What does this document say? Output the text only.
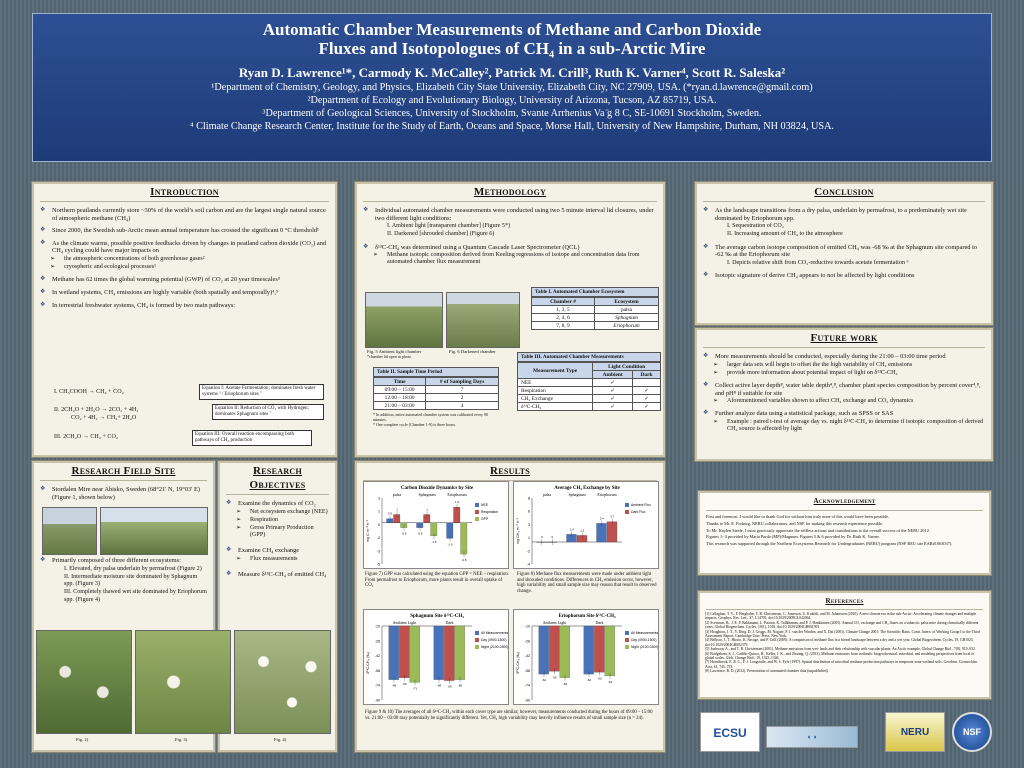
Automatic Chamber Measurements of Methane and Carbon Dioxide
Fluxes and Isotopologues of CH₄ in a sub-Arctic Mire
Ryan D. Lawrence¹*, Carmody K. McCalley², Patrick M. Crill³, Ruth K. Varner⁴, Scott R. Saleska²
¹Department of Chemistry, Geology, and Physics, Elizabeth City State University, Elizabeth City, NC 27909, USA. (*ryan.d.lawrence@gmail.com)
²Department of Ecology and Evolutionary Biology, University of Arizona, Tucson, AZ 85719, USA.
³Department of Geological Sciences, University of Stockholm, Svante Arrhenius Va ̈g 8 C, SE-10691 Stockholm, Sweden.
⁴ Climate Change Research Center, Institute for the Study of Earth, Oceans and Space, Morse Hall, University of New Hampshire, Durham, NH 03824, USA.
Introduction
❖ Northern peatlands currently store ~30% of the world’s soil carbon and are the largest single natural source of atmospheric methane (CH₄)
❖ Since 2000, the Swedish sub-Arctic mean annual temperature has crossed the significant 0 °C threshold¹
❖ As the climate warms, possible positive feedbacks driven by changes in peatland carbon dioxide (CO₂) and CH₄ cycling could have major impacts on
➢ the atmospheric concentrations of both greenhouse gases²
➢ cryospheric and ecological processes¹
❖ Methane has 62 times the global warming potential (GWP) of CO₂ at 20 year timescales³
❖ In wetland systems, CH₄ emissions are highly variable (both spatially and temporally)⁴,⁵
❖ In terrestrial freshwater systems, CH₄ is formed by two main pathways:
I. CH₃COOH → CH₄ + CO₂
II. 2CH₂O + 2H₂O → 2CO₂ + 4H₂
CO₂ + 4H₂ → CH₄+ 2H₂O
III. 2CH₂O → CH₄ + CO₂
Equation I: Acetate Fermentation; dominates fresh water systems ² / Eriophorum sites ⁷
Equation II: Reduction of CO₂ with Hydrogen; dominates Sphagnum sites ⁷
Equation III: Overall reaction encompassing both pathways of CH₄ production
Research Field Site
❖ Stordalen Mire near Abisko, Sweden (68°21' N, 19°03' E) (Figure 1, shown below)
❖ Primarily composed of three different ecosystems:
I. Elevated, dry palsa underlain by permafrost (Figure 2)
II. Intermediate moisture site dominated by Sphagnum spp. (Figure 3)
III. Completely thawed wet site dominated by Eriophorum spp. (Figure 4)
Research
Objectives
❖ Examine the dynamics of CO₂
➢ Net ecosystem exchange (NEE)
➢ Respiration
➢ Gross Primary Production (GPP)
❖ Examine CH₄ exchange
➢ Flux measurements
❖ Measure δ¹³C-CH₄ of emitted CH₄
Fig. 2)	Fig. 3)	Fig. 4)
Methodology
❖ Individual automated chamber measurements were conducted using two 5 minute interval lid closures, under two different light conditions:
I. Ambient light [transparent chamber] (Figure 5*)
II. Darkened [shrouded chamber] (Figure 6)
❖ δ¹³C-CH₄ was determined using a Quantum Cascade Laser Spectrometer (QCL)
➢ Methane isotopic composition derived from Keeling regressions of isotope and concentration data from automated chamber flux measurement
Fig. 5 Ambient light chamber
*chamber lid open in photo
Fig. 6 Darkened chamber
Table I. Automated Chamber Ecosystem
Chamber #	Ecosystem
1, 3, 5	palsa
2, 4, 6	Sphagnum
7, 8, 9	Eriophorum
Table II. Sample Time Period
Time	# of Sampling Days
09:00 – 15:00	7
12:00 – 18:00	2
21:00 – 03:00	4
* In addition, entire automated chamber system was calibrated every 90 minutes.
* One complete cycle (Chamber 1-9) is three hours.
Table III. Automated Chamber Measurements
Measurement Type	Light Condition	
	Ambient	Dark
NEE	✓	
Respiration	✓	✓
CH₄ Exchange	✓	✓
δ¹³C-CH₄	✓	✓
Results
Carbon Dioxide Dynamics by Site
-5
-3
-2
0
1
3
mg C m⁻² h⁻¹
palsa
0.5
1
-0.6
Sphagnum
-0.6
1
-1.6
Eriophorum
-1.9
1.9
-3.8
NEE
Respiration
GPP
Average CH₄ Exchange by Site
-4
-2
1
3
6
8
mg CH₄ m⁻² h⁻¹
palsa
0	0
Sphagnum
1.4 1.2
Eriophorum
3.4 3.7
Ambient Flux
Dark Flux
Figure 7) GPP was calculated using the equation GPP = NEE – respiration. From permafrost to Eriophorum, more plants result in overall uptake of CO₂
Figure 8) Methane flux measurements were made under ambient light and shrouded conditions. Differences in CH₄ emission occur, however, high variability and small sample size may reason that result in observed change.
Sphagnum Site δ¹³C-CH₄
-90
-74
-58
-42
-26
-10
δ¹³C-CH₄ (‰)
Ambient Light
-68 -66
-71
Dark
-68 -69 -68
All Measurements
Day (0900-1500)
Night (2100-0300)
Eriophorum Site δ¹³C-CH₄
-90
-74
-58
-42
-26
-10
δ¹³C-CH₄ (‰)
Ambient Light
-62
-59
-66
Dark
-62 -60
-64
All Measurements
Day (0900-1500)
Night (2100-0300)
Figure 9 & 10) The averages of all δ¹³C-CH₄ within each cover type are similar; however, measurements conducted during the hours of 09:00 – 15:00 vs. 21:00 – 03:00 may potentially be significantly different. Yet, CH₄ high variability may heavily influence results of small sample size (n = 24).
Conclusion
❖ As the landscape transitions from a dry palsa, underlain by permafrost, to a predominately wet site dominated by Eriophorum spp.
I. Sequestration of CO₂
II. Increasing amount of CH₄ to the atmosphere
❖ The average carbon isotope composition of emitted CH₄ was -68 ‰ at the Sphagnum site compared to -62 ‰ at the Eriophorum site
I. Depicts relative shift from CO₂-reductive towards acetate fermentation ⁶
❖ Isotopic signature of derive CH₄ appears to not be affected by light conditions
Future work
❖ More measurements should be conducted, especially during the 21:00 – 03:00 time period
➢ larger data sets will begin to offset the the high variability of CH₄ emissions
➢ provide more information about potential impact of light on δ¹³C-CH₄
❖ Collect active layer depth⁸, water table depth⁴,⁸, chamber plant species composition by percent cover⁴,⁸, and pH⁸ if suitable for site
➢ Aforementioned variables shown to affect CH₄ exchange and CO₂ dynamics
❖ Further analyze data using a statistical package, such as SPSS or SAS
➢ Example : paired t-test of average day vs. night δ¹³C-CH₄ to determine if isotopic composition of derived CH₄ source is affected by light
Acknowledgement
First and foremost, I would like to thank God for without him truly none of this would have been possible.
Thanks to Mr. E. Froburg, NERU collaborators, and NSF for making this research experience possible.
To Mr. Kaylen Steele, I most graciously appreciate the selfless actions and contributions to the overall success of the NERU 2012.
Figures 1- 4 provided by Maria Pardo (MP)/Magnum. Figures 5 & 6 provided by Dr. Ruth K. Varner.
This research was supported through the Northern Ecosystems Research for Undergraduates (NERU) program (NSF REU site EAR#1063037).
References
[1] Callaghan, T. V., F. Bergholm, T. R. Christensen, C. Jonasson, U. Kokfelt, and M. Johansson (2010). A new climate era in the sub-Arctic: Accelerating climate changes and multiple impacts. Geophys. Res. Lett., 37, L14705, doi:10.1029/2009GL042064.
[2] Svensson, B., J. E. P. Bakkmann, L. Patrion, K. Tallkhamm, and P. J. Hankkonen (2005). Annual CO₂ exchange and CH₄ fluxes on a subarctic palsa mire during climatically different years. Global Biogeochem. Cycles, 19(1), 1018, doi:10.1029/2004GB001991.
[3] Houghton, J. T., Y. Ding, D. J. Griggs, M. Noguer, P. J. van der Winden, and X. Dai (2001). Climate Change 2001: The Scientific Basis. Contr. Intern. of Working Group I to the Third Assessment Report. Cambridge Univ. Press, New York.
[4] Bellisio, J., T. Hiroto, K. Savage, and P. Crill (2009). A comparison of methane flux in a boreal landscape between a dry and a wet year. Global Biogeochem. Cycles, 19, GB1023, doi:10.1029/2004GB002379.
[5] Joabsson, A., and T. R. Christensen (2001). Methane emissions from wet- lands and their relationship with vascular plants: An Arctic example, Global Change Biol., 7(8), 919–932.
[6] Bridgeham, S. J., Cadillo-Quiroz, H., Keller, J. K., and Zhuang, Q. (2013). Methane emissions from wetlands: biogeochemical, microbial, and modeling perspectives from local to global scales. Glob. Change Biol., 19, 1325–1346.
[7] Hornibrook, E. R. C., F. J. Longstaffe, and W. S. Fyfe (1997). Spatial distribution of microbial methane production pathways in temperate zone wetland soils. Geochim. Cosmochim. Acta, 61, 745–753.
[8] Lawrence, R. D. (2012). Presentation of automated chamber data (unpublished).
ECSU	◖ ◗	NERU	NSF
